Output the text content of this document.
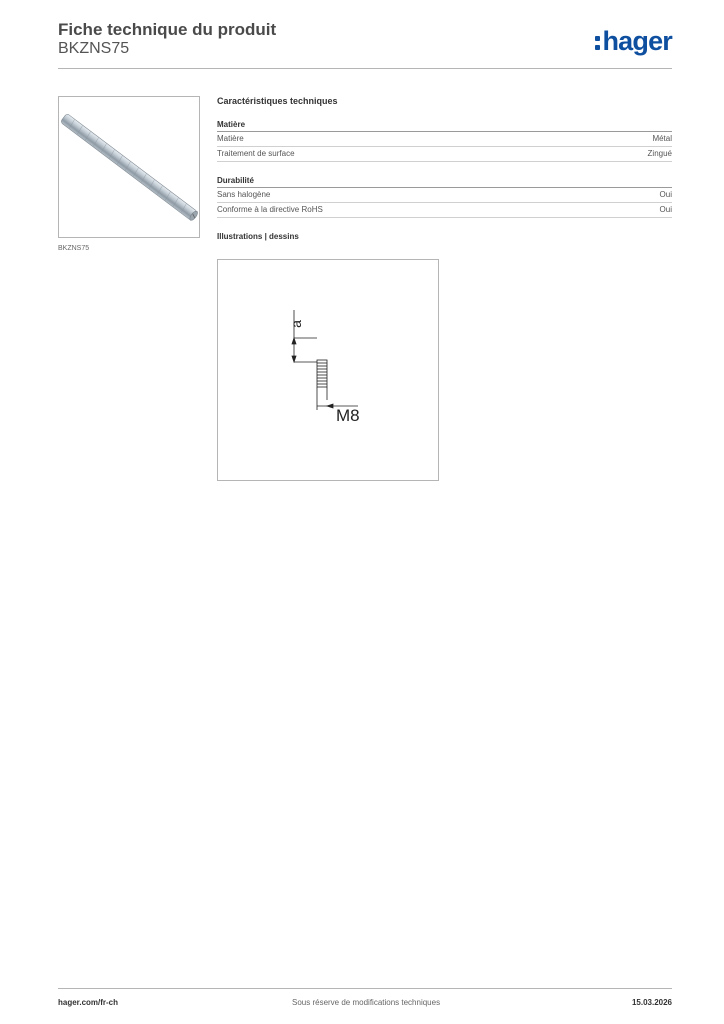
Fiche technique du produit
BKZNS75	hager
BKZNS75
Caractéristiques techniques
Matière
Matière	Métal
Traitement de surface	Zingué
Durabilité
Sans halogène	Oui
Conforme à la directive RoHS	Oui
Illustrations | dessins
a
M8
hager.com/fr-ch	Sous réserve de modifications techniques	15.03.2026
